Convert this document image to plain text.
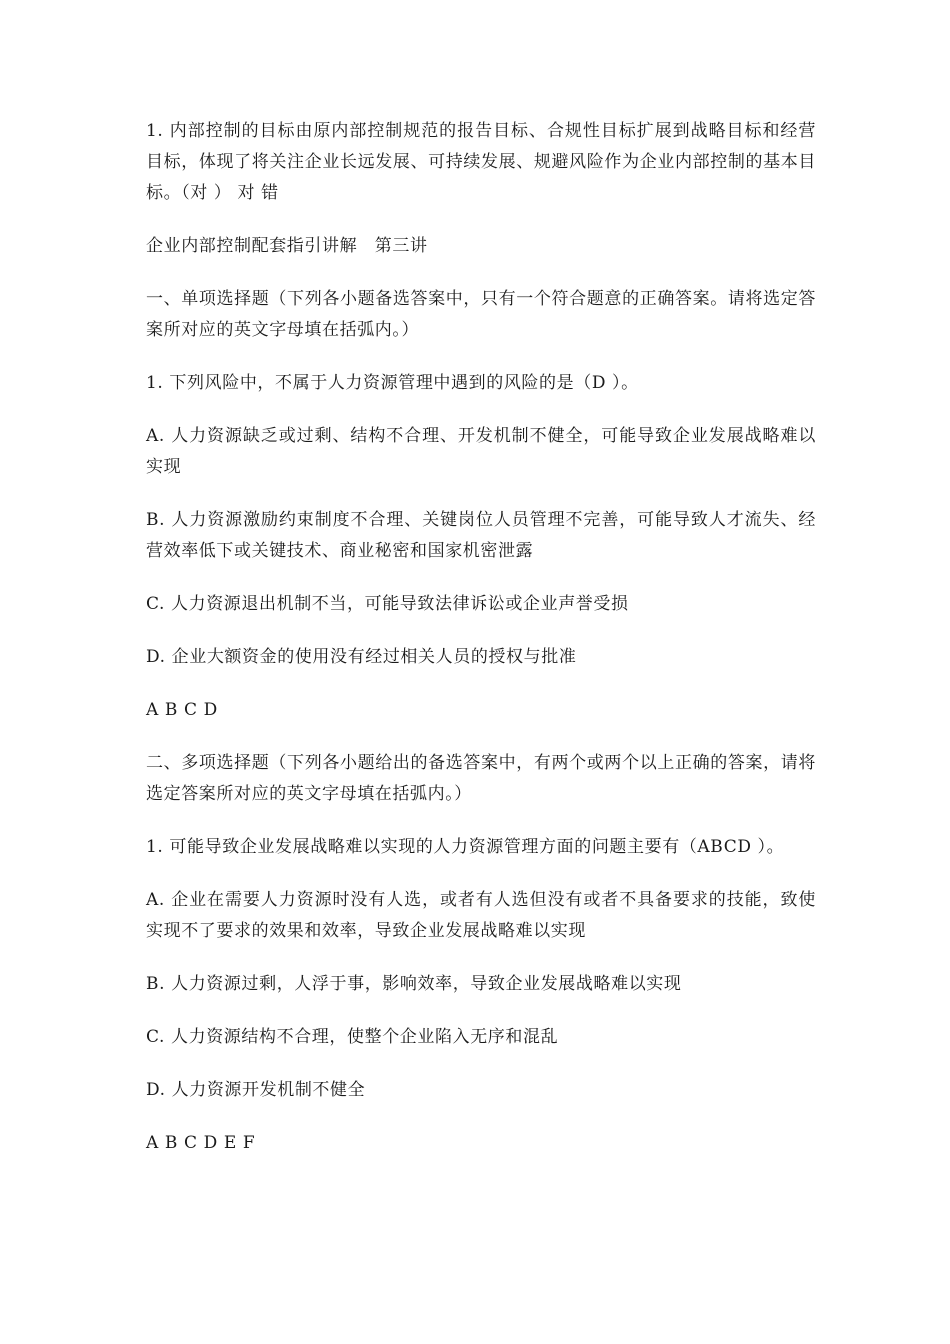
1. 内部控制的目标由原内部控制规范的报告目标、合规性目标扩展到战略目标和经营目标，体现了将关注企业长远发展、可持续发展、规避风险作为企业内部控制的基本目标。（对 ） 对 错

企业内部控制配套指引讲解　第三讲

一、单项选择题（下列各小题备选答案中，只有一个符合题意的正确答案。请将选定答案所对应的英文字母填在括弧内。）

1. 下列风险中，不属于人力资源管理中遇到的风险的是（D ）。

A. 人力资源缺乏或过剩、结构不合理、开发机制不健全，可能导致企业发展战略难以实现

B. 人力资源激励约束制度不合理、关键岗位人员管理不完善，可能导致人才流失、经营效率低下或关键技术、商业秘密和国家机密泄露

C. 人力资源退出机制不当，可能导致法律诉讼或企业声誉受损

D. 企业大额资金的使用没有经过相关人员的授权与批准

A B C D

二、多项选择题（下列各小题给出的备选答案中，有两个或两个以上正确的答案，请将选定答案所对应的英文字母填在括弧内。）

1. 可能导致企业发展战略难以实现的人力资源管理方面的问题主要有（ABCD ）。

A. 企业在需要人力资源时没有人选，或者有人选但没有或者不具备要求的技能，致使实现不了要求的效果和效率，导致企业发展战略难以实现

B. 人力资源过剩，人浮于事，影响效率，导致企业发展战略难以实现

C. 人力资源结构不合理，使整个企业陷入无序和混乱

D. 人力资源开发机制不健全

A B C D E F
